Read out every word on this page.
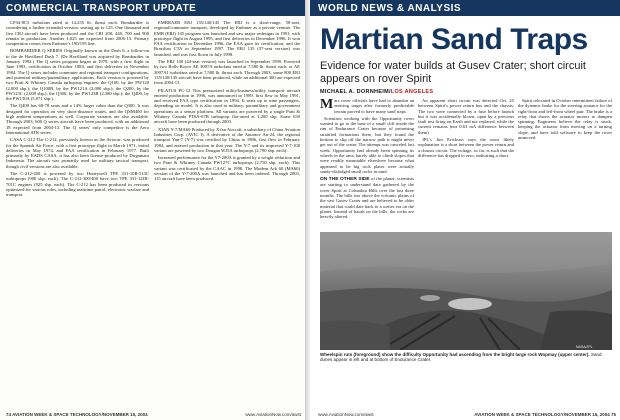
COMMERCIAL TRANSPORT UPDATE

CF34-8C5 turbofans rated at 14,255 lb. thrust each. Bombardier is considering a further extended version, seating up to 125. One thousand and five CRJ aircraft have been produced and the CRJ 200, 440, 700 and 900 remain in production. Another 1,025 are expected from 2006-13. Primary competition comes from Embraer's 190/195 line.

BOMBARDIER Q SERIES Originally known as the Dash 8, a follow-on to the de Havilland Dash 7. (De Havilland was acquired by Bombardier in January 1992.) The Q series program began in 1979, with a first flight in June 1983, certification in October 1984, and first deliveries in November 1984. The Q series includes commuter and regional transport configurations, and potential military/paramilitary applications. Each version is powered by two Pratt & Whitney Canada turboprop engines: the Q100, by the PW120 (2,000 shp.); the Q100B, by the PW121A (2,000 shp.); the Q200, by the PW123C (2,000 shp.); the Q300, by the PW123B (2,380 shp.); the Q400, by the PW150A (5,071 shp.).

The Q400 has 68-78 seats and a 14% larger cabin than the Q300. It was designed for operation on very short-distance routes, and the QSM400 for high ambient temperatures as well. Corporate variants are also available. Through 2003, 600 Q series aircraft have been produced, with an additional 18 expected from 2004-13. The Q series' only competitor is the Aero International ATR series.

CASA C-212 The C-212, previously known as the Aviocar, was produced for the Spanish Air Force, with a first prototype flight in March 1971, initial deliveries in May 1974, and FAA certification in February 1977. Built primarily by EADS CASA, it has also been license-produced by Dirgantara Indonesia. The aircraft was primarily used for military tactical transport, though civil versions are also available.

The C-212-200 is powered by two Honeywell TPE 331-10R-513C turboprops (900 shp. each). The C-212-300/400 have two TPE 331-12JR-701C engines (925 shp. each). The C-212 has been produced in versions optimized for various roles, including maritime patrol, electronic warfare and transport.

EMBRAER ERJ 135/140/145 The ERJ is a short-range, 50-seat, regional/commuter transport, developed by Embraer as a private venture. The EMB (ERJ) 145 program was launched and saw major redesigns in 1991, with prototype flight in August 1995, and first deliveries in December 1996. It won FAA certification in December 1996, the EAA gave its certification, and the Brazilian CTA in September 1997. The ERJ 135 (37-seat version) was launched, and was first flown in July 1998.

The ERJ 140 (44-seat version) was launched in September 1999. Powered by two Rolls-Royce AE 3007A turbofans rated at 7,580 lb. thrust each, or AE 3007A1 turbofans rated at 7,580 lb. thrust each. Through 2003, some 800 ERJ 135/140/145 aircraft have been produced, while an additional 300 are expected from 2004-13.

PILATUS PC-12 This pressurized utility/business/utility transport aircraft entered production in 1996, was announced in 1989, first flew in May 1991, and received FAA type certification in 1994. It seats up to nine passengers, depending on model. It is also used in military, paramilitary and government operations as a sensor platform. All variants are powered by a single Pratt & Whitney Canada PT6A-67B turboprop flat-rated at 1,200 shp. Some 630 aircraft have been produced through 2003.

XIAN Y-7/MA60 Produced by Xi'an Aircraft, a subsidiary of China Aviation Industries Corp. (AVIC I). A derivative of the Antonov An-24, the regional transport Yun-7 (Y-7) was certified by China in 1986, first flew in February 1984, and entered production in that year. The Y-7 and its improved Y-7-100 variant are powered by two Dongan WJ5A turboprops (2,790 shp. each).

Increased performance for the Y7-200A is granted by a weight reduction and two Pratt & Whitney Canada PW127C turboprops (2,750 shp. each). This variant was certificated by the CAAC in 1998. The Modern Ark 60 (MA60) version of the Y-7-200A was launched and has been ordered. Through 2003, 115 aircraft have been produced.

74 AVIATION WEEK & SPACE TECHNOLOGY/NOVEMBER 15, 2004	www.AviationNow.com/awst
WORLD NEWS & ANALYSIS
Martian Sand Traps
Evidence for water builds at Gusev Crater; short circuit appears on rover Spirit
MICHAEL A. DORNHEIM/LOS ANGELES

Mars rover officials have had to abandon an enticing target after formerly predictable terrain proved to have many sand traps.

Scientists working with the Opportunity rover wanted to go to the base of a small cliff inside the rim of Endurance Crater because of promising stratified formations there, but they found the bottom to slip off the narrow path it might never get out of the crater. The attempt was canceled last week. Opportunity had already been spinning its wheels in the area, barely able to climb slopes that were readily mountable elsewhere because what appeared to be big rock plates were actually sandy-dislodged small rocks in sand.

ON THE OTHER SIDE of the planet, scientists are starting to understand data gathered by the rover Spirit at Columbia Hills over the last three months. The hills rise above the volcanic plains of the vast Gusev Crater and are believed to be older material that could date back to a wetter era on the planet. Instead of basalt on the hills, the rocks are heavily altered.

An apparent short circuit was detected Oct. 25 between Spirit's power return bus and the chassis. The two were connected by a fuse before launch but it was accidentally blown, open by a previous fault test firing on Earth and not replaced, while the current remains (not 0.63 mA difference between them).

JPL's Jim Erickson says the most likely explanation is a short between the power return and a chassis circuit. The voltage, so far, is such that the difference has dropped to zero, indicating a short.

Spirit relocated in October intermittent failure of the dynamic brake for the steering actuator for the right-front and left-front wheel pair. The brake is a relay that shorts the actuator motors to dampen spinning. Engineers believe the relay is stuck, keeping the actuator from moving on a turning slope, and have told software to keep the rover unmoved.

NASA/JPL
Wheelspin ruts (foreground) show the difficulty Opportunity had ascending from the bright large rock Wopmay (upper center). Sand dunes appear in left and at bottom of Endurance Crater.
www.AviationNow.com/awst	AVIATION WEEK & SPACE TECHNOLOGY/NOVEMBER 15, 2004 75
